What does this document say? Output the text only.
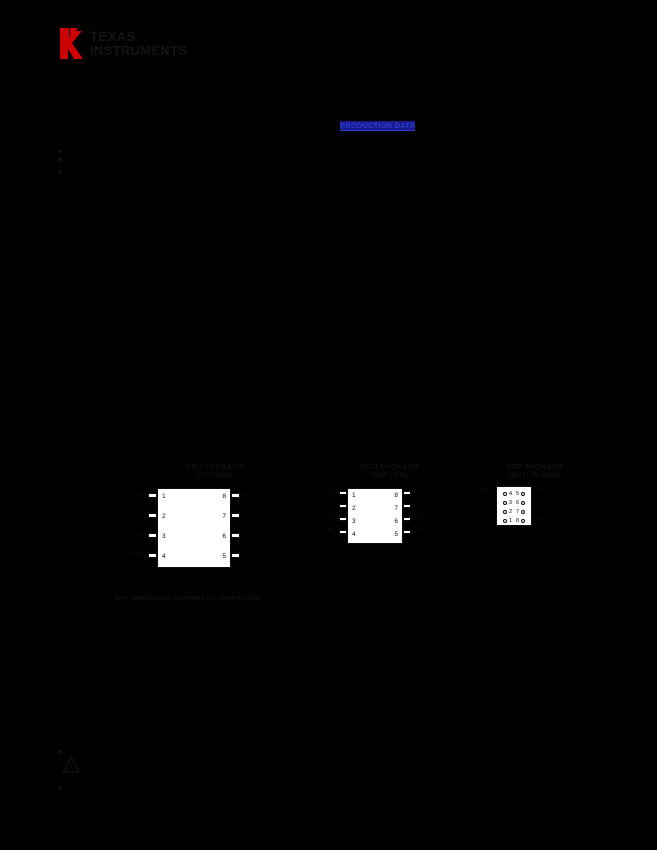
TEXAS
INSTRUMENTS
PRODUCTION DATA
DBV PACKAGE
(TOP VIEW)
1
2
3
4
8
7
6
5
1A
2Y
2A
GND
$V_{CC}$
1Y
3A
3Y
DCU PACKAGE
(TOP VIEW)
1
2
3
4
8
7
6
5
1A
2Y
2A
GND
$V_{CC}$
1Y
3A
3Y
YZP PACKAGE
(BOTTOM VIEW)
4 5
3 6
2 7
1 8
GND
2A
2Y
1A
3Y
3A
1Y
$V_{CC}$
See mechanical drawings for dimensions.
